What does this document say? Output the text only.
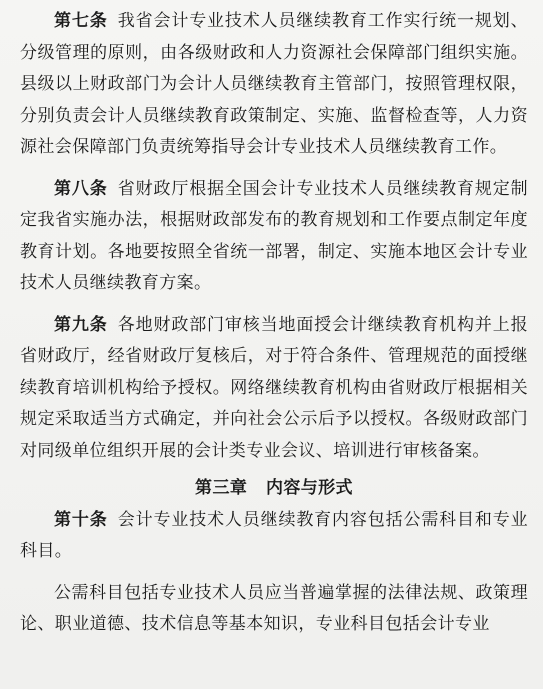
第七条 我省会计专业技术人员继续教育工作实行统一规划、分级管理的原则，由各级财政和人力资源社会保障部门组织实施。县级以上财政部门为会计人员继续教育主管部门，按照管理权限，分别负责会计人员继续教育政策制定、实施、监督检查等，人力资源社会保障部门负责统筹指导会计专业技术人员继续教育工作。

第八条 省财政厅根据全国会计专业技术人员继续教育规定制定我省实施办法，根据财政部发布的教育规划和工作要点制定年度教育计划。各地要按照全省统一部署，制定、实施本地区会计专业技术人员继续教育方案。

第九条 各地财政部门审核当地面授会计继续教育机构并上报省财政厅，经省财政厅复核后，对于符合条件、管理规范的面授继续教育培训机构给予授权。网络继续教育机构由省财政厅根据相关规定采取适当方式确定，并向社会公示后予以授权。各级财政部门对同级单位组织开展的会计类专业会议、培训进行审核备案。

第三章 内容与形式

第十条 会计专业技术人员继续教育内容包括公需科目和专业科目。

公需科目包括专业技术人员应当普遍掌握的法律法规、政策理论、职业道德、技术信息等基本知识，专业科目包括会计专业
